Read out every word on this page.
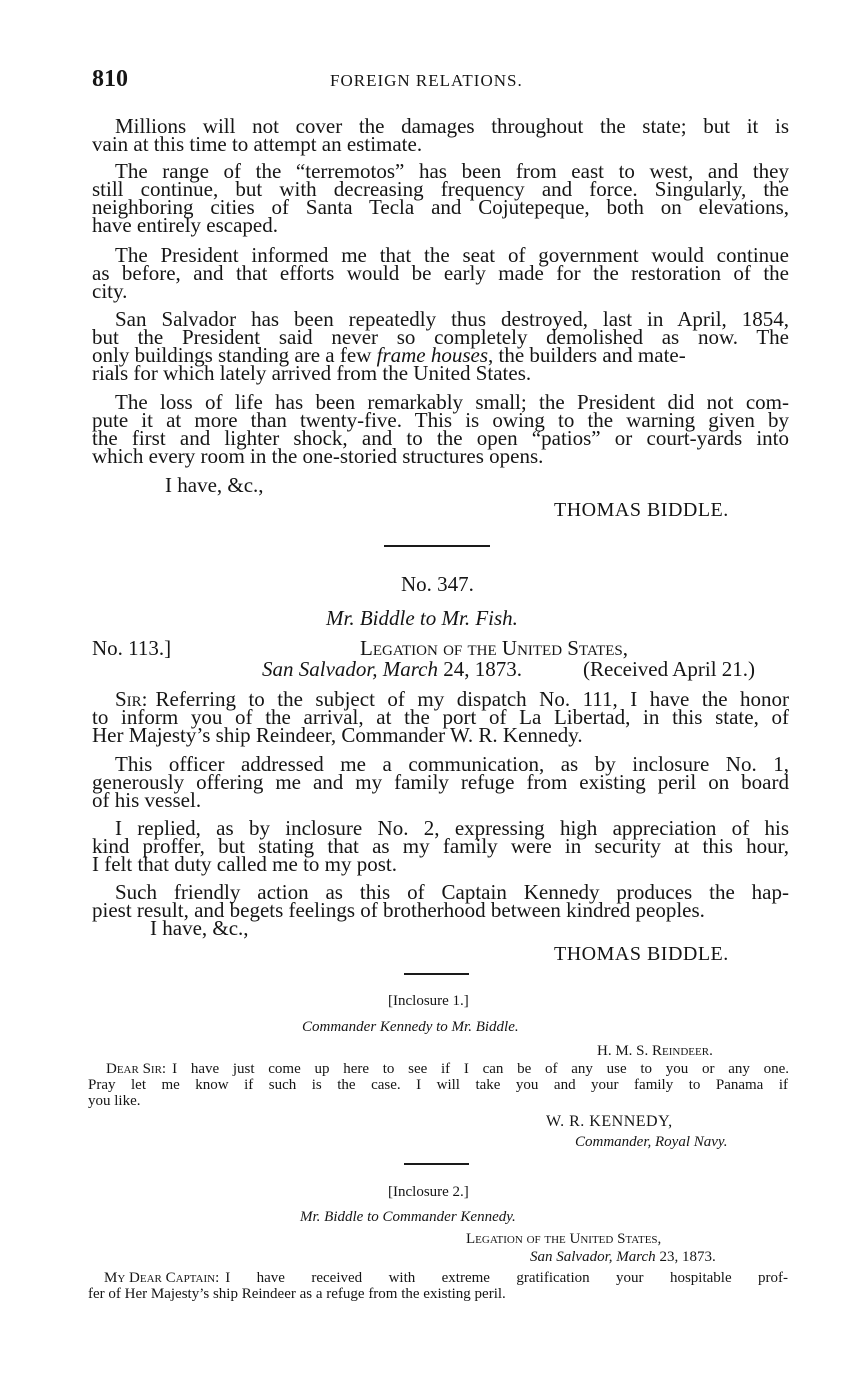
810	FOREIGN RELATIONS.
Millions will not cover the damages throughout the state; but it is
vain at this time to attempt an estimate.
The range of the “terremotos” has been from east to west, and they
still continue, but with decreasing frequency and force. Singularly, the
neighboring cities of Santa Tecla and Cojutepeque, both on elevations,
have entirely escaped.
The President informed me that the seat of government would continue
as before, and that efforts would be early made for the restoration of the
city.
San Salvador has been repeatedly thus destroyed, last in April, 1854,
but the President said never so completely demolished as now. The
only buildings standing are a few frame houses, the builders and mate-
rials for which lately arrived from the United States.
The loss of life has been remarkably small; the President did not com-
pute it at more than twenty-five. This is owing to the warning given by
the first and lighter shock, and to the open “patios” or court-yards into
which every room in the one-storied structures opens.
I have, &c.,
THOMAS BIDDLE.
No. 347.
Mr. Biddle to Mr. Fish.
No. 113.]	Legation of the United States,
San Salvador, March 24, 1873.	(Received April 21.)
Sir: Referring to the subject of my dispatch No. 111, I have the honor
to inform you of the arrival, at the port of La Libertad, in this state, of
Her Majesty’s ship Reindeer, Commander W. R. Kennedy.
This officer addressed me a communication, as by inclosure No. 1,
generously offering me and my family refuge from existing peril on board
of his vessel.
I replied, as by inclosure No. 2, expressing high appreciation of his
kind proffer, but stating that as my family were in security at this hour,
I felt that duty called me to my post.
Such friendly action as this of Captain Kennedy produces the hap-
piest result, and begets feelings of brotherhood between kindred peoples.
I have, &c.,
THOMAS BIDDLE.
[Inclosure 1.]
Commander Kennedy to Mr. Biddle.
H. M. S. Reindeer.
Dear Sir: I have just come up here to see if I can be of any use to you or any one.
Pray let me know if such is the case. I will take you and your family to Panama if
you like.
W. R. KENNEDY,
Commander, Royal Navy.
[Inclosure 2.]
Mr. Biddle to Commander Kennedy.
Legation of the United States,
San Salvador, March 23, 1873.
My Dear Captain: I have received with extreme gratification your hospitable prof-
fer of Her Majesty’s ship Reindeer as a refuge from the existing peril.
